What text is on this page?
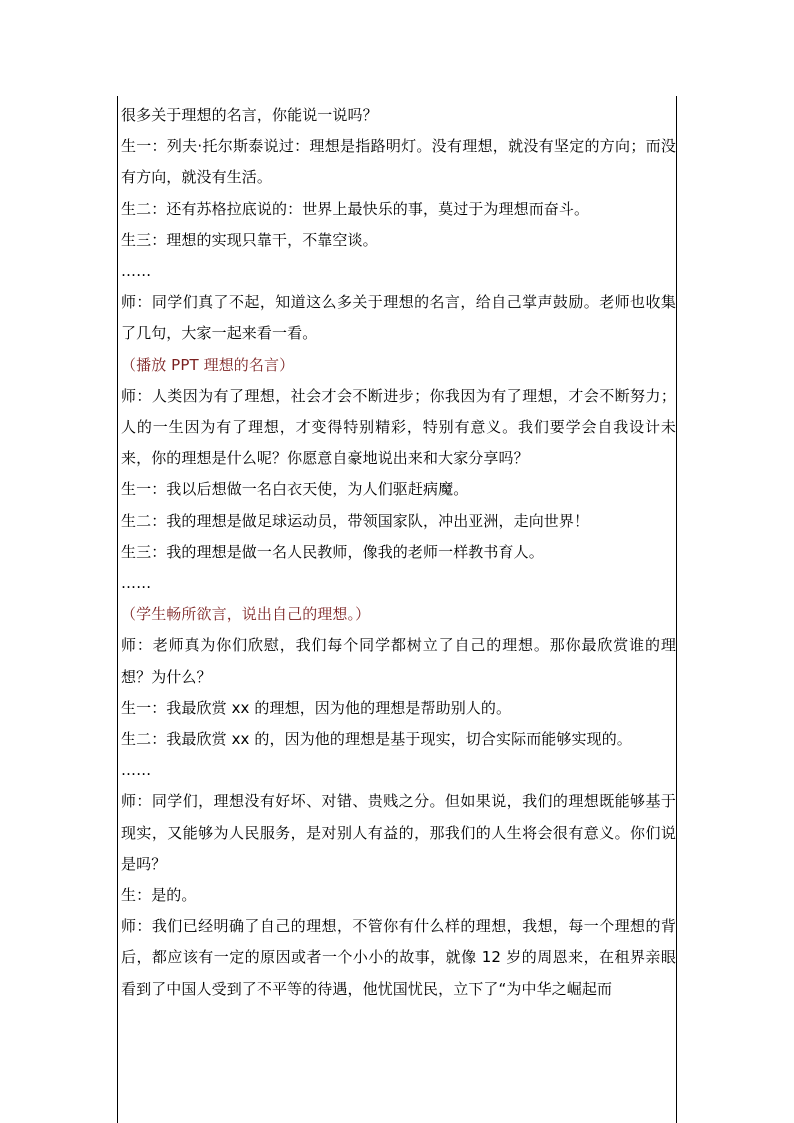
很多关于理想的名言，你能说一说吗？

生一：列夫·托尔斯泰说过：理想是指路明灯。没有理想，就没有坚定的方向；而没有方向，就没有生活。

生二：还有苏格拉底说的：世界上最快乐的事，莫过于为理想而奋斗。

生三：理想的实现只靠干，不靠空谈。

……

师：同学们真了不起，知道这么多关于理想的名言，给自己掌声鼓励。老师也收集了几句，大家一起来看一看。

（播放 PPT 理想的名言）

师：人类因为有了理想，社会才会不断进步；你我因为有了理想，才会不断努力；人的一生因为有了理想，才变得特别精彩，特别有意义。我们要学会自我设计未来，你的理想是什么呢？你愿意自豪地说出来和大家分享吗？

生一：我以后想做一名白衣天使，为人们驱赶病魔。

生二：我的理想是做足球运动员，带领国家队，冲出亚洲，走向世界！

生三：我的理想是做一名人民教师，像我的老师一样教书育人。

……

（学生畅所欲言，说出自己的理想。）

师：老师真为你们欣慰，我们每个同学都树立了自己的理想。那你最欣赏谁的理想？为什么？

生一：我最欣赏 xx 的理想，因为他的理想是帮助别人的。

生二：我最欣赏 xx 的，因为他的理想是基于现实，切合实际而能够实现的。

……

师：同学们，理想没有好坏、对错、贵贱之分。但如果说，我们的理想既能够基于现实，又能够为人民服务，是对别人有益的，那我们的人生将会很有意义。你们说是吗？

生：是的。

师：我们已经明确了自己的理想，不管你有什么样的理想，我想，每一个理想的背后，都应该有一定的原因或者一个小小的故事，就像 12 岁的周恩来，在租界亲眼看到了中国人受到了不平等的待遇，他忧国忧民，立下了“为中华之崛起而
